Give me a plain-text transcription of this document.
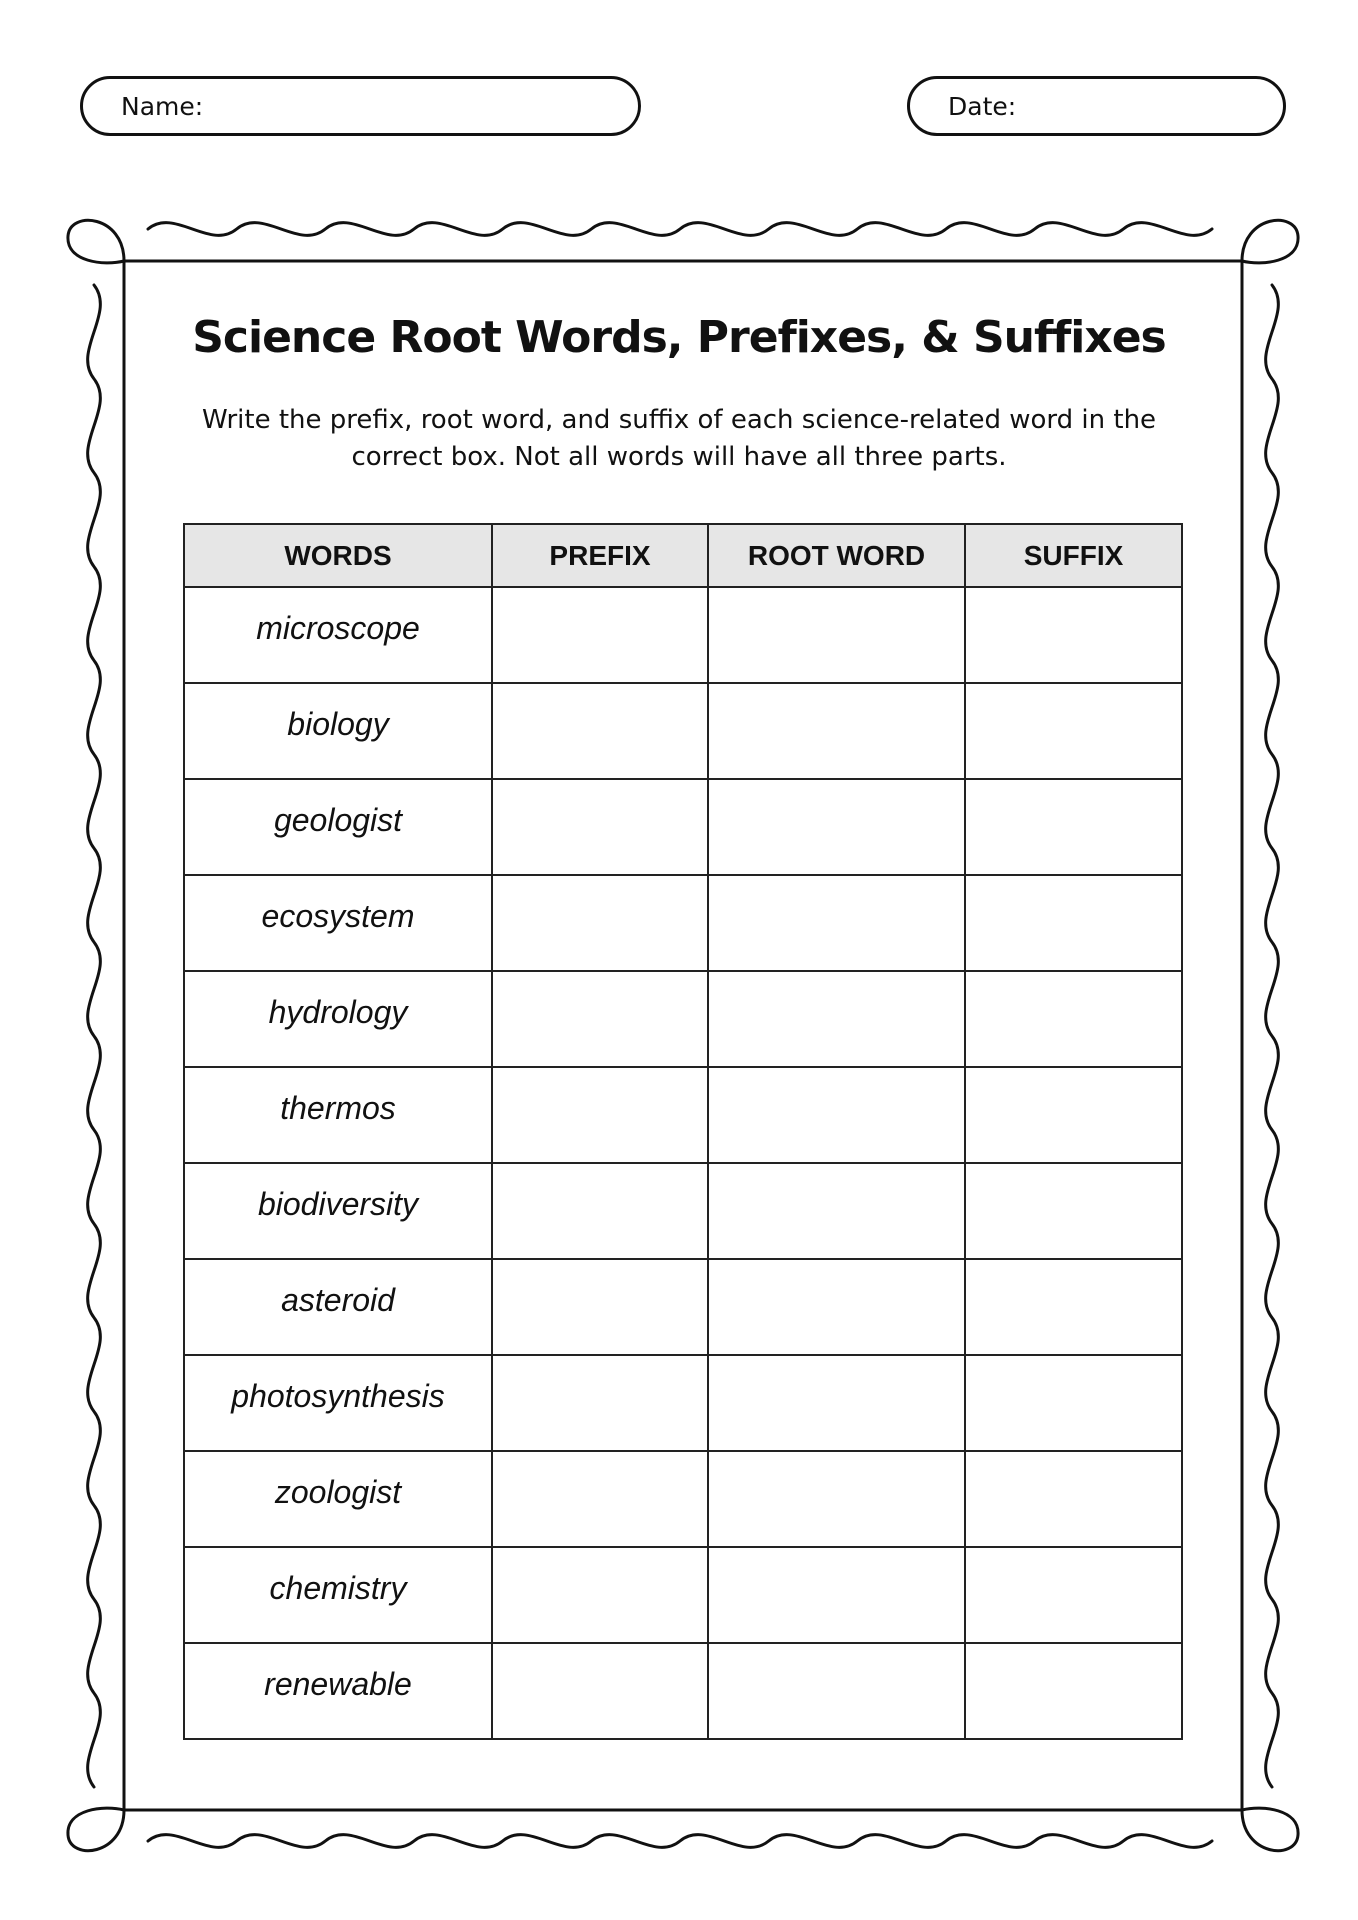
Name:	Date:
Science Root Words, Prefixes, & Suffixes

Write the prefix, root word, and suffix of each science-related word in the correct box. Not all words will have all three parts.

WORDS	PREFIX	ROOT WORD	SUFFIX
microscope			
biology			
geologist			
ecosystem			
hydrology			
thermos			
biodiversity			
asteroid			
photosynthesis			
zoologist			
chemistry			
renewable			
